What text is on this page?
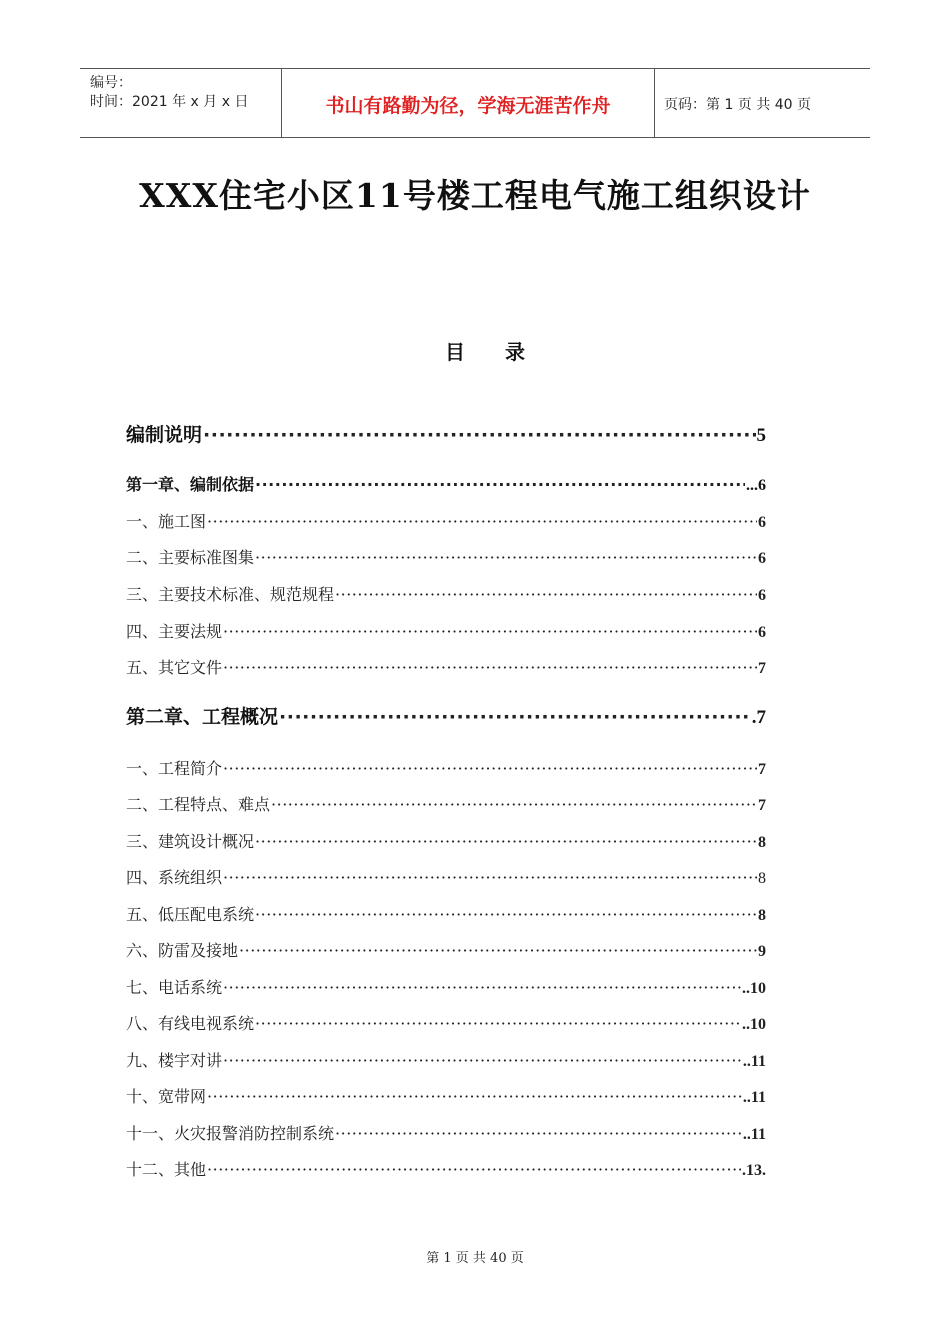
编号：
时间：2021 年 x 月 x 日	书山有路勤为径，学海无涯苦作舟	页码：第 1 页 共 40 页
XXX住宅小区11号楼工程电气施工组织设计
目录
编制说明 ·····	5
第一章、编制依据 ·····	...6
一、施工图 ·····	6
二、主要标准图集 ·····	6
三、主要技术标准、规范规程 ·····	6
四、主要法规 ·····	6
五、其它文件 ·····	7
第二章、工程概况 ·····	.7
一、工程简介 ·····	7
二、工程特点、难点 ·····	7
三、建筑设计概况 ·····	8
四、系统组织 ·····	8
五、低压配电系统 ·····	8
六、防雷及接地 ·····	9
七、电话系统 ·····	..10
八、有线电视系统 ·····	..10
九、楼宇对讲 ·····	..11
十、宽带网 ·····	..11
十一、火灾报警消防控制系统 ·····	..11
十二、其他 ·····	.13.
第 1 页 共 40 页
